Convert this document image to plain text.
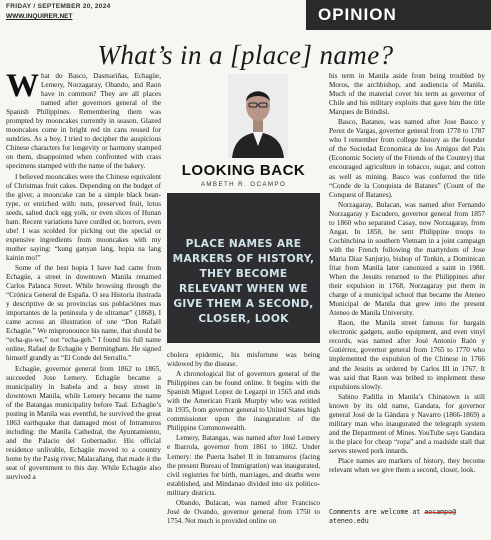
FRIDAY / SEPTEMBER 20, 2024
WWW.INQUIRER.NET	OPINION
What’s in a [place] name?

What do Basco, Dasmariñas, Echagüe, Lemery, Norzagaray, Obando, and Raon have in common? They are all places named after governors general of the Spanish Philippines. Remembering them was prompted by mooncakes currently in season. Glazed mooncakes come in bright red tin cans reused for sundries. As a boy, I tried to decipher the auspicious Chinese characters for longevity or harmony stamped on them, disappointed when confronted with crass specimens stamped with the name of the bakery.

I believed mooncakes were the Chinese equivalent of Christmas fruit cakes. Depending on the budget of the giver, a mooncake can be a simple black bean-type, or enriched with: nuts, preserved fruit, lotus seeds, salted duck egg yolk, or even slices of Hunan ham. Recent variations have curdled or, horrors, even ube! I was scolded for picking out the special or expensive ingredients from mooncakes with my mother saying: “kung ganyan lang, hopia na lang kainin mo!”

Some of the best hopia I have had came from Echagüe, a street in downtown Manila renamed Carlos Palanca Street. While browsing through the “Crónica General de España. O sea Historia ilustrada y descriptive de su provincias sus poblaciónes mas importantes de la peninsula y de ultramar” (1868), I came across an illustration of one “Don Rafaël Echagüe.” We mispronounce his name, that should be “echa-gu-we,” not “echa-geh.” I found his full name online, Rafael de Echagüe y Bermingham. He signed himself grandly as “El Conde del Serrallo.”

Echagüe, governor general from 1862 to 1865, succeeded Jose Lemery. Echagüe became a municipality in Isabela and a busy street in downtown Manila, while Lemery became the name of the Batangas municipality before Taal. Echagüe’s posting in Manila was eventful, he survived the great 1863 earthquake that damaged most of Intramuros including: the Manila Cathedral, the Ayuntamiento, and the Palacio del Gobernador. His official residence unlivable, Echagüe moved to a country home by the Pasig river, Malacañang, that made it the seat of government to this day. While Echagüe also survived a

LOOKING BACK
AMBETH R. OCAMPO
PLACE NAMES ARE MARKERS OF HISTORY, THEY BECOME RELEVANT WHEN WE GIVE THEM A SECOND, CLOSER, LOOK

cholera epidemic, his misfortune was being widowed by the disease.

A chronological list of governors general of the Philippines can be found online. It begins with the Spanish Miguel Lopez de Legazpi in 1565 and ends with the American Frank Murphy who was retitled in 1935, from governor general to United States high commissioner upon the inauguration of the Philippine Commonwealth.

Lemery, Batangas, was named after José Lemery e Ibarrola, governor from 1861 to 1862. Under Lemery: the Puerta Isabel II in Intramuros (facing the present Bureau of Immigration) was inaugurated, civil registries for birth, marriages, and deaths were established, and Mindanao divided into six politico-military districts.

Obando, Bulacan, was named after Francisco José de Ovando, governor general from 1750 to 1754. Not much is provided online on

his term in Manila aside from being troubled by Moros, the archbishop, and audiencia of Manila. Much of the material cover his term as governor of Chile and his military exploits that gave him the title Marques de Brindisi.

Basco, Batanes, was named after Jose Basco y Perez de Vargas, governor general from 1778 to 1787 who I remember from college history as the founder of the Sociedad Economica de los Amigos del Pais (Economic Society of the Friends of the Country) that encouraged agriculture in tobacco, sugar, and cotton as well as mining. Basco was conferred the title “Conde de la Conquista de Batanes” (Count of the Conquest of Batanes).

Norzagaray, Bulacan, was named after Fernando Norzagaray y Escudero, governor general from 1857 to 1860 who separated Casay, now Norzagaray, from Angat. In 1858, he sent Philippine troops to Cochinchina in southern Vietnam in a joint campaign with the French following the martyrdom of Jose Maria Diaz Sanjurjo, bishop of Tonkin, a Dominican friar from Manila later canonized a saint in 1988. When the Jesuits returned to the Philippines after their expulsion in 1768, Norzagaray put them in charge of a municipal school that became the Ateneo Municipal de Manila that grew into the present Ateneo de Manila University.

Raon, the Manila street famous for bargain electronic gadgets, audio equipment, and even vinyl records, was named after José Antonio Raón y Gutiérrez, governor general from 1765 to 1770 who implemented the expulsion of the Chinese in 1766 and the Jesuits as ordered by Carlos III in 1767. It was said that Raon was bribed to implement these expulsions slowly.

Sabino Padilla in Manila’s Chinatown is still known by its old name, Gandara, for governor general José de la Gándara y Navarro (1866-1869) a military man who inaugurated the telegraph system and the Department of Mines. YouTube says Gandara is the place for cheap “ropa” and a roadside stall that serves stewed pork innards.

Place names are markers of history, they become relevant when we give them a second, closer, look.

Comments are welcome at aocampo@
ateneo.edu
